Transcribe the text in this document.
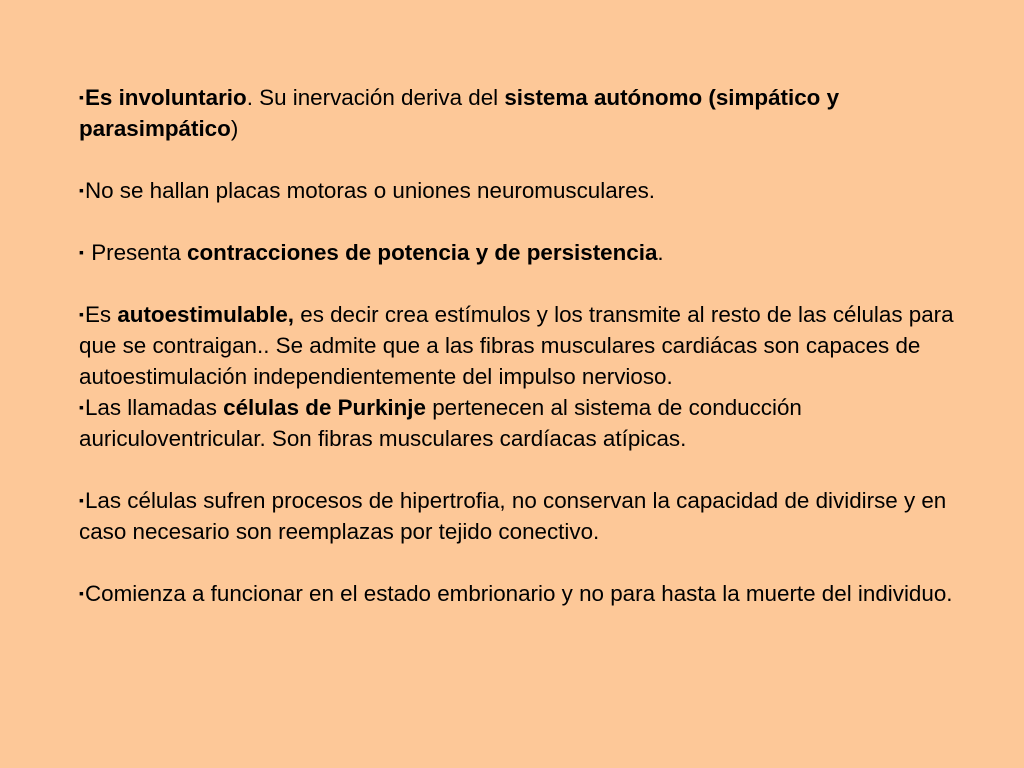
▪Es involuntario. Su inervación deriva del sistema autónomo (simpático y parasimpático)

▪No se hallan placas motoras o uniones neuromusculares.

▪ Presenta contracciones de potencia y de persistencia.

▪Es autoestimulable, es decir crea estímulos y los transmite al resto de las células para que se contraigan.. Se admite que a las fibras musculares cardiácas son capaces de autoestimulación independientemente del impulso nervioso.

▪Las llamadas células de Purkinje pertenecen al sistema de conducción auriculoventricular. Son fibras musculares cardíacas atípicas.

▪Las células sufren procesos de hipertrofia, no conservan la capacidad de dividirse y en caso necesario son reemplazas por tejido conectivo.

▪Comienza a funcionar en el estado embrionario y no para hasta la muerte del individuo.
